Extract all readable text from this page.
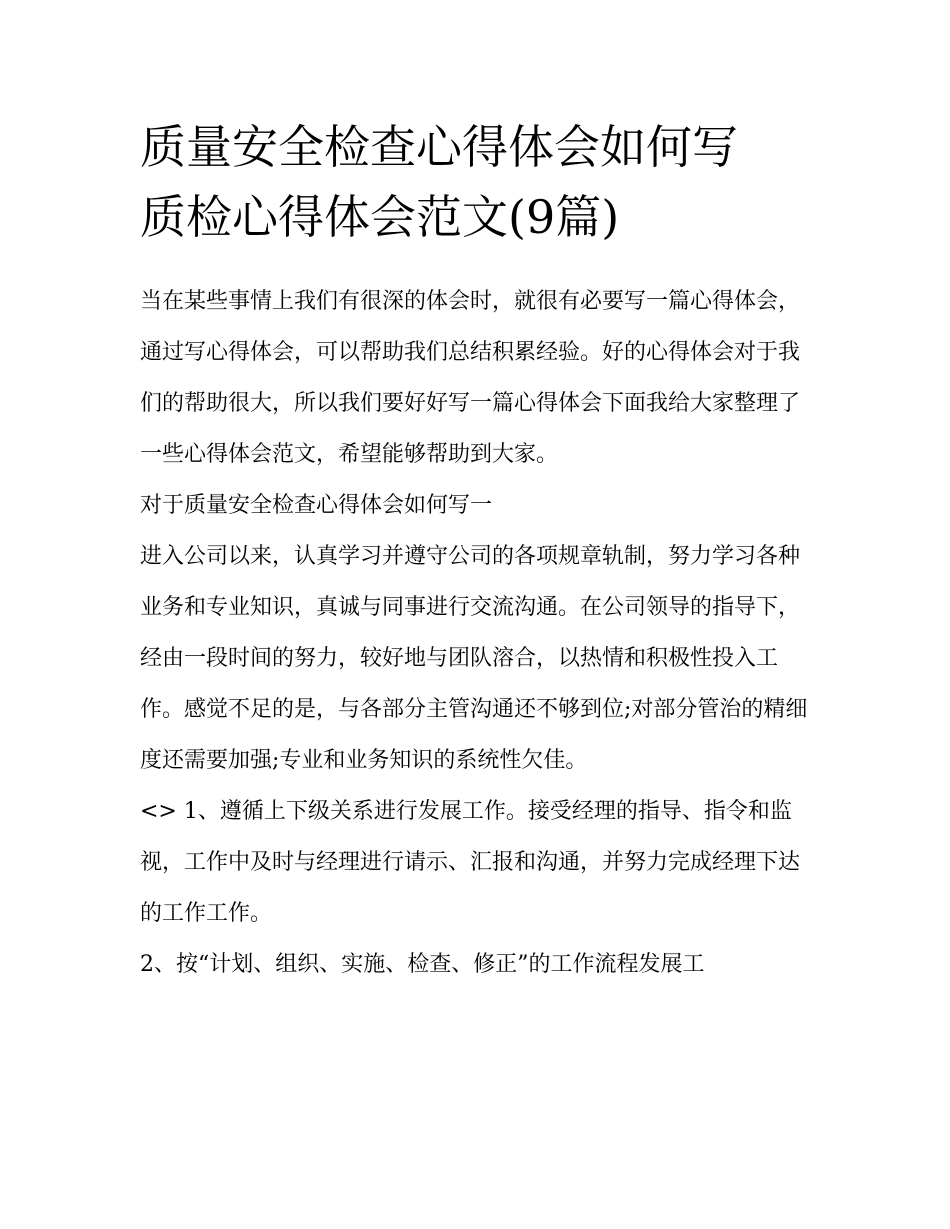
质量安全检查心得体会如何写
质检心得体会范文(9篇)

当在某些事情上我们有很深的体会时，就很有必要写一篇心得体会，通过写心得体会，可以帮助我们总结积累经验。好的心得体会对于我们的帮助很大，所以我们要好好写一篇心得体会下面我给大家整理了一些心得体会范文，希望能够帮助到大家。

对于质量安全检查心得体会如何写一

进入公司以来，认真学习并遵守公司的各项规章轨制，努力学习各种业务和专业知识，真诚与同事进行交流沟通。在公司领导的指导下，经由一段时间的努力，较好地与团队溶合，以热情和积极性投入工作。感觉不足的是，与各部分主管沟通还不够到位;对部分管治的精细度还需要加强;专业和业务知识的系统性欠佳。

<> 1、遵循上下级关系进行发展工作。接受经理的指导、指令和监视，工作中及时与经理进行请示、汇报和沟通，并努力完成经理下达的工作工作。

2、按“计划、组织、实施、检查、修正”的工作流程发展工
